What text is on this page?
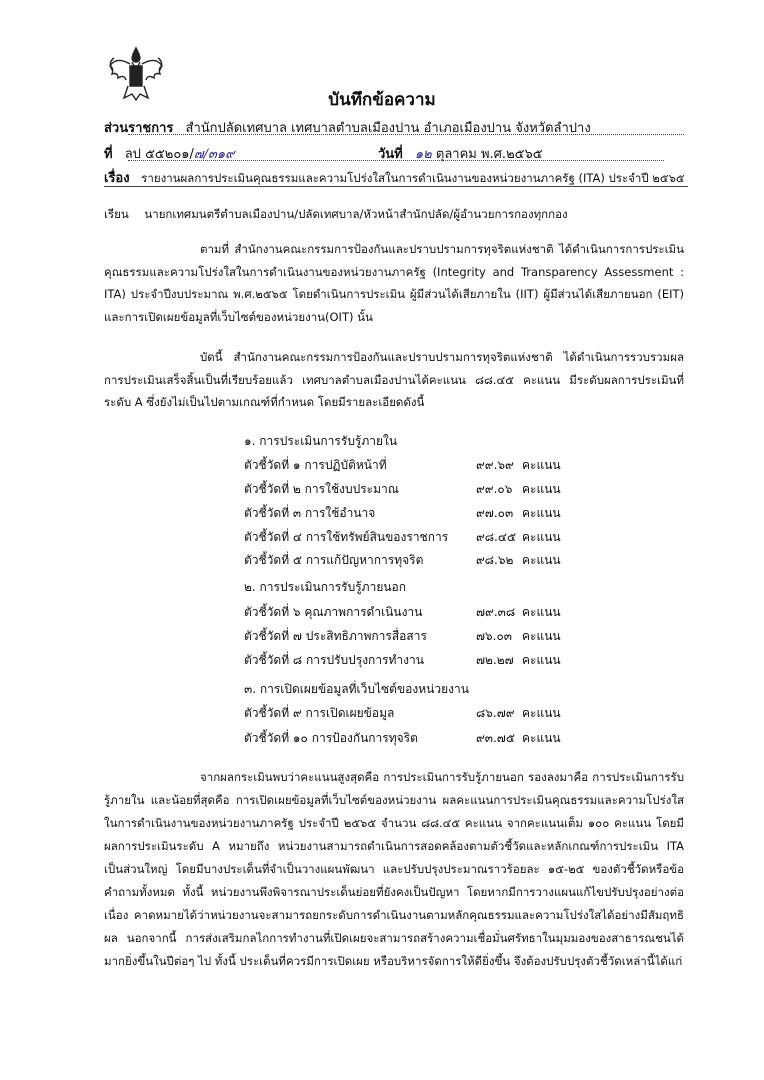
บันทึกข้อความ
ส่วนราชการ สำนักปลัดเทศบาล เทศบาลตำบลเมืองปาน อำเภอเมืองปาน จังหวัดลำปาง
ที่ ลป ๕๕๒๐๑/๗/๓๑๙	วันที่ ๑๒ ตุลาคม พ.ศ.๒๕๖๕
เรื่อง รายงานผลการประเมินคุณธรรมและความโปร่งใสในการดำเนินงานของหน่วยงานภาครัฐ (ITA) ประจำปี ๒๕๖๕
เรียน นายกเทศมนตรีตำบลเมืองปาน/ปลัดเทศบาล/หัวหน้าสำนักปลัด/ผู้อำนวยการกองทุกกอง
ตามที่ สำนักงานคณะกรรมการป้องกันและปราบปรามการทุจริตแห่งชาติ ได้ดำเนินการการประเมินคุณธรรมและความโปร่งใสในการดำเนินงานของหน่วยงานภาครัฐ (Integrity and Transparency Assessment : ITA) ประจำปีงบประมาณ พ.ศ.๒๕๖๕ โดยดำเนินการประเมิน ผู้มีส่วนได้เสียภายใน (IIT) ผู้มีส่วนได้เสียภายนอก (EIT) และการเปิดเผยข้อมูลที่เว็บไซต์ของหน่วยงาน(OIT) นั้น
บัดนี้ สำนักงานคณะกรรมการป้องกันและปราบปรามการทุจริตแห่งชาติ ได้ดำเนินการรวบรวมผลการประเมินเสร็จสิ้นเป็นที่เรียบร้อยแล้ว เทศบาลตำบลเมืองปานได้คะแนน ๘๘.๔๕ คะแนน มีระดับผลการประเมินที่ระดับ A ซึ่งยังไม่เป็นไปตามเกณฑ์ที่กำหนด โดยมีรายละเอียดดังนี้
๑. การประเมินการรับรู้ภายใน
ตัวชี้วัดที่ ๑ การปฏิบัติหน้าที่	๙๙.๖๙ คะแนน
ตัวชี้วัดที่ ๒ การใช้งบประมาณ	๙๙.๐๖ คะแนน
ตัวชี้วัดที่ ๓ การใช้อำนาจ	๙๗.๐๓ คะแนน
ตัวชี้วัดที่ ๔ การใช้ทรัพย์สินของราชการ ๙๘.๔๕ คะแนน
ตัวชี้วัดที่ ๕ การแก้ปัญหาการทุจริต	๙๘.๖๒ คะแนน
๒. การประเมินการรับรู้ภายนอก
ตัวชี้วัดที่ ๖ คุณภาพการดำเนินงาน	๗๙.๓๘ คะแนน
ตัวชี้วัดที่ ๗ ประสิทธิภาพการสื่อสาร	๗๖.๐๓ คะแนน
ตัวชี้วัดที่ ๘ การปรับปรุงการทำงาน	๗๒.๒๗ คะแนน
๓. การเปิดเผยข้อมูลที่เว็บไซต์ของหน่วยงาน
ตัวชี้วัดที่ ๙ การเปิดเผยข้อมูล	๘๖.๗๙ คะแนน
ตัวชี้วัดที่ ๑๐ การป้องกันการทุจริต	๙๓.๗๕ คะแนน
จากผลกระเมินพบว่าคะแนนสูงสุดคือ การประเมินการรับรู้ภายนอก รองลงมาคือ การประเมินการรับรู้ภายใน และน้อยที่สุดคือ การเปิดเผยข้อมูลที่เว็บไซต์ของหน่วยงาน ผลคะแนนการประเมินคุณธรรมและความโปร่งใสในการดำเนินงานของหน่วยงานภาครัฐ ประจำปี ๒๕๖๕ จำนวน ๘๘.๔๕ คะแนน จากคะแนนเต็ม ๑๐๐ คะแนน โดยมีผลการประเมินระดับ A หมายถึง หน่วยงานสามารถดำเนินการสอดคล้องตามตัวชี้วัดและหลักเกณฑ์การประเมิน ITA เป็นส่วนใหญ่ โดยมีบางประเด็นที่จำเป็นวางแผนพัฒนา และปรับปรุงประมาณราวร้อยละ ๑๕-๒๕ ของตัวชี้วัดหรือข้อคำถามทั้งหมด ทั้งนี้ หน่วยงานพึงพิจารณาประเด็นย่อยที่ยังคงเป็นปัญหา โดยหากมีการวางแผนแก้ไขปรับปรุงอย่างต่อเนื่อง คาดหมายได้ว่าหน่วยงานจะสามารถยกระดับการดำเนินงานตามหลักคุณธรรมและความโปร่งใสได้อย่างมีสัมฤทธิผล นอกจากนี้ การส่งเสริมกลไกการทำงานที่เปิดเผยจะสามารถสร้างความเชื่อมั่นศรัทธาในมุมมองของสาธารณชนได้มากยิ่งขึ้นในปีต่อๆ ไป ทั้งนี้ ประเด็นที่ควรมีการเปิดเผย หรือบริหารจัดการให้ดียิ่งขึ้น จึงต้องปรับปรุงตัวชี้วัดเหล่านี้ได้แก่
